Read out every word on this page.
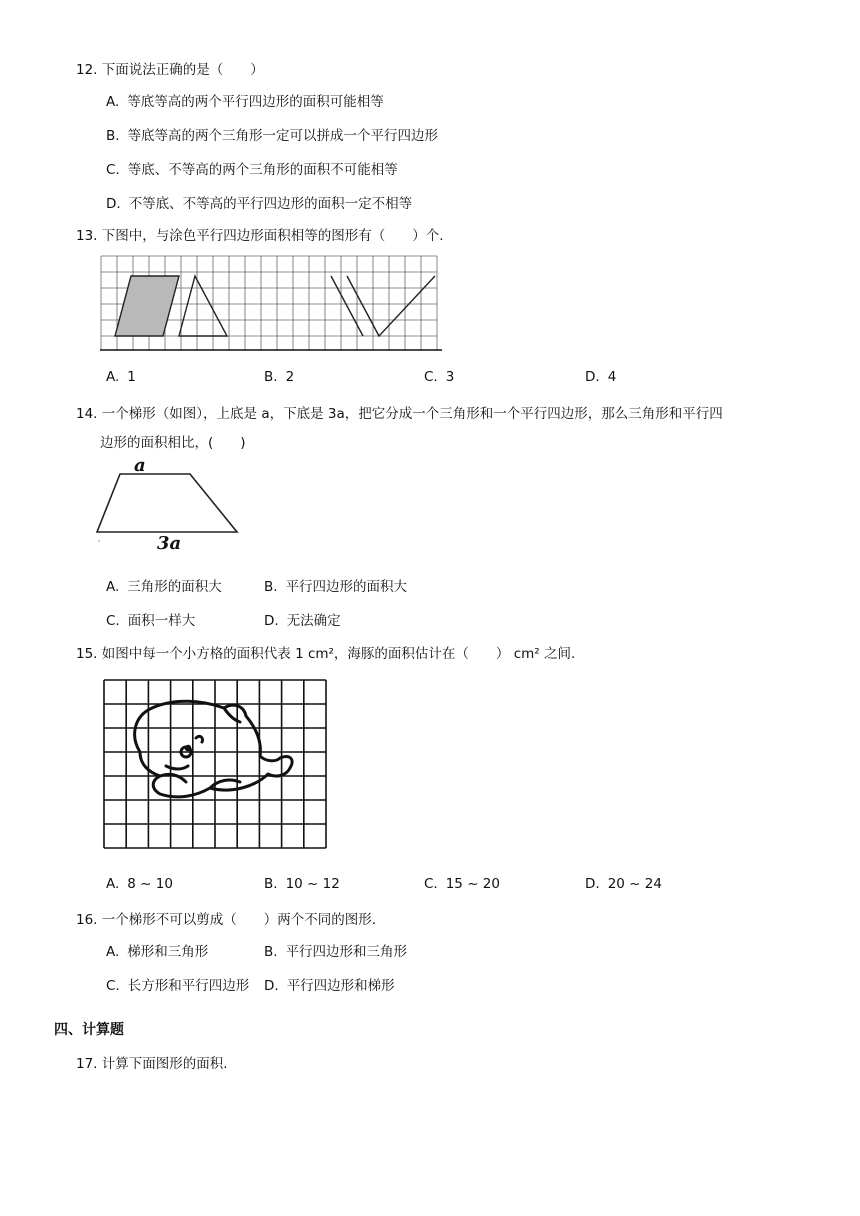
12. 下面说法正确的是（　　）
A. 等底等高的两个平行四边形的面积可能相等
B. 等底等高的两个三角形一定可以拼成一个平行四边形
C. 等底、不等高的两个三角形的面积不可能相等
D. 不等底、不等高的平行四边形的面积一定不相等
13. 下图中，与涂色平行四边形面积相等的图形有（　　）个.
A. 1	B. 2	C. 3	D. 4
14. 一个梯形（如图），上底是 a，下底是 3a，把它分成一个三角形和一个平行四边形，那么三角形和平行四
边形的面积相比，(　　)
a
3a
A. 三角形的面积大	B. 平行四边形的面积大
C. 面积一样大	D. 无法确定
15. 如图中每一个小方格的面积代表 1 cm²，海豚的面积估计在（　　） cm² 之间.
A. 8 ~ 10	B. 10 ~ 12	C. 15 ~ 20	D. 20 ~ 24
16. 一个梯形不可以剪成（　　）两个不同的图形.
A. 梯形和三角形	B. 平行四边形和三角形
C. 长方形和平行四边形 D. 平行四边形和梯形
四、计算题
17. 计算下面图形的面积.
